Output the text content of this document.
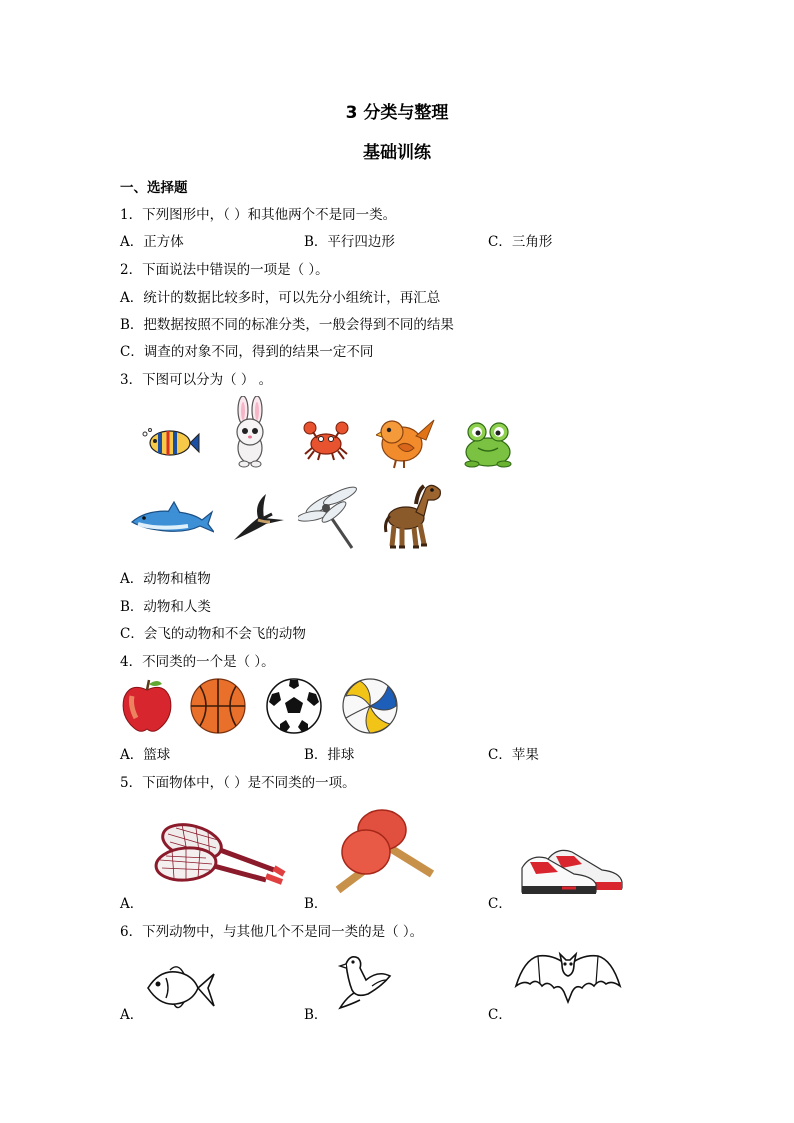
3 分类与整理
基础训练
一、选择题
1．下列图形中，（ ）和其他两个不是同一类。
A．正方体	B．平行四边形	C．三角形
2．下面说法中错误的一项是（ ）。
A．统计的数据比较多时，可以先分小组统计，再汇总
B．把数据按照不同的标准分类，一般会得到不同的结果
C．调查的对象不同，得到的结果一定不同
3．下图可以分为（ ） 。
A．动物和植物
B．动物和人类
C．会飞的动物和不会飞的动物
4．不同类的一个是（ ）。
A．篮球	B．排球	C．苹果
5．下面物体中，（ ）是不同类的一项。
A．	B．	C．
6．下列动物中，与其他几个不是同一类的是（ ）。
A．	B．	C．
